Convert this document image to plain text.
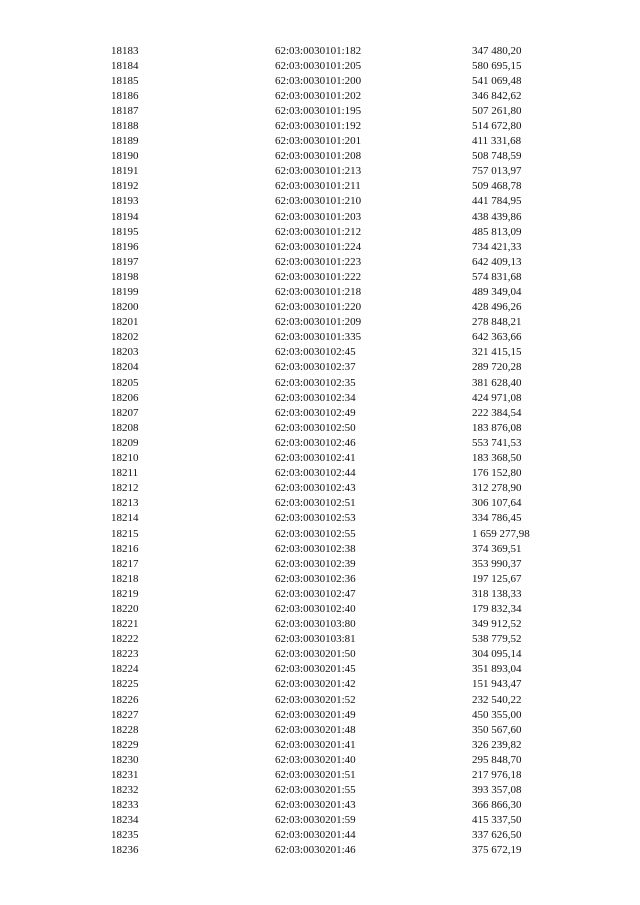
18183	62:03:0030101:182	347 480,20
18184	62:03:0030101:205	580 695,15
18185	62:03:0030101:200	541 069,48
18186	62:03:0030101:202	346 842,62
18187	62:03:0030101:195	507 261,80
18188	62:03:0030101:192	514 672,80
18189	62:03:0030101:201	411 331,68
18190	62:03:0030101:208	508 748,59
18191	62:03:0030101:213	757 013,97
18192	62:03:0030101:211	509 468,78
18193	62:03:0030101:210	441 784,95
18194	62:03:0030101:203	438 439,86
18195	62:03:0030101:212	485 813,09
18196	62:03:0030101:224	734 421,33
18197	62:03:0030101:223	642 409,13
18198	62:03:0030101:222	574 831,68
18199	62:03:0030101:218	489 349,04
18200	62:03:0030101:220	428 496,26
18201	62:03:0030101:209	278 848,21
18202	62:03:0030101:335	642 363,66
18203	62:03:0030102:45	321 415,15
18204	62:03:0030102:37	289 720,28
18205	62:03:0030102:35	381 628,40
18206	62:03:0030102:34	424 971,08
18207	62:03:0030102:49	222 384,54
18208	62:03:0030102:50	183 876,08
18209	62:03:0030102:46	553 741,53
18210	62:03:0030102:41	183 368,50
18211	62:03:0030102:44	176 152,80
18212	62:03:0030102:43	312 278,90
18213	62:03:0030102:51	306 107,64
18214	62:03:0030102:53	334 786,45
18215	62:03:0030102:55	1 659 277,98
18216	62:03:0030102:38	374 369,51
18217	62:03:0030102:39	353 990,37
18218	62:03:0030102:36	197 125,67
18219	62:03:0030102:47	318 138,33
18220	62:03:0030102:40	179 832,34
18221	62:03:0030103:80	349 912,52
18222	62:03:0030103:81	538 779,52
18223	62:03:0030201:50	304 095,14
18224	62:03:0030201:45	351 893,04
18225	62:03:0030201:42	151 943,47
18226	62:03:0030201:52	232 540,22
18227	62:03:0030201:49	450 355,00
18228	62:03:0030201:48	350 567,60
18229	62:03:0030201:41	326 239,82
18230	62:03:0030201:40	295 848,70
18231	62:03:0030201:51	217 976,18
18232	62:03:0030201:55	393 357,08
18233	62:03:0030201:43	366 866,30
18234	62:03:0030201:59	415 337,50
18235	62:03:0030201:44	337 626,50
18236	62:03:0030201:46	375 672,19
